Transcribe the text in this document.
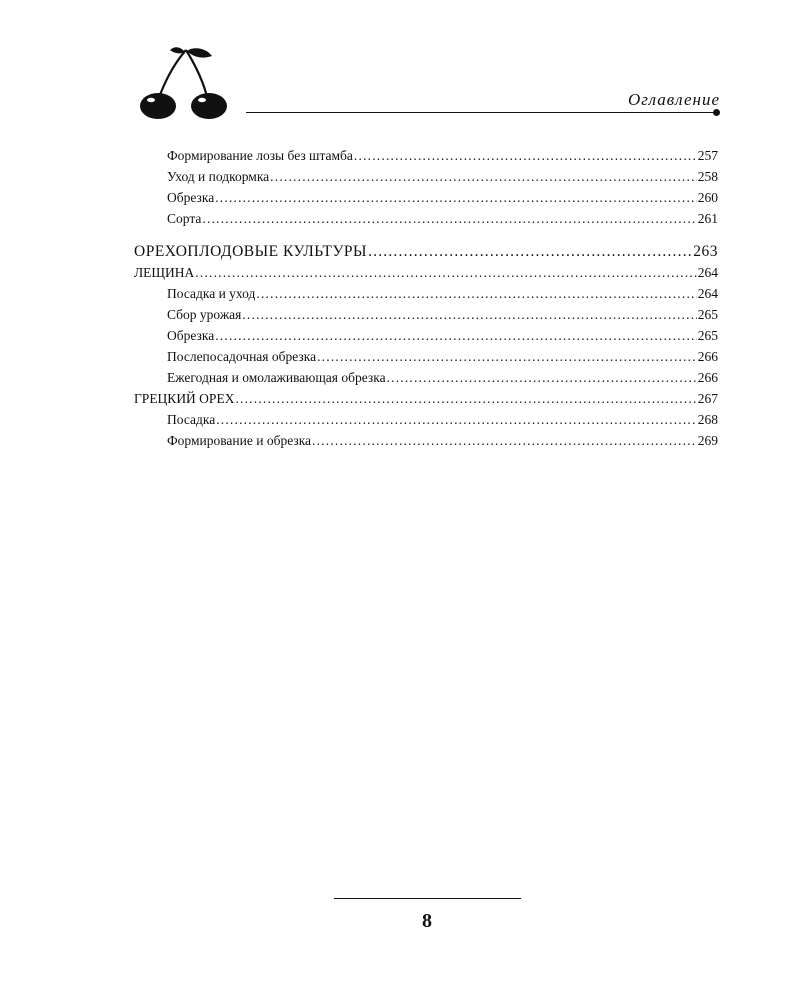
Оглавление
Формирование лозы без штамба .....	257
Уход и подкормка .....	258
Обрезка .....	260
Сорта .....	261
ОРЕХОПЛОДОВЫЕ КУЛЬТУРЫ .....	263
ЛЕЩИНА .....	264
Посадка и уход .....	264
Сбор урожая .....	265
Обрезка .....	265
Послепосадочная обрезка .....	266
Ежегодная и омолаживающая обрезка .....	266
ГРЕЦКИЙ ОРЕХ .....	267
Посадка .....	268
Формирование и обрезка .....	269
8
